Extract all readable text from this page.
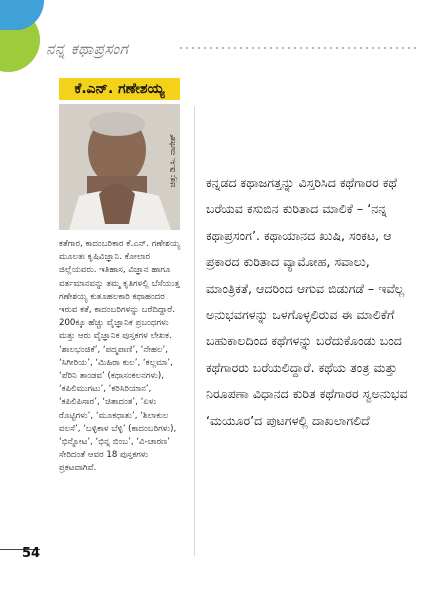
ನನ್ನ ಕಥಾಪ್ರಸಂಗ
ಕೆ.ಎನ್. ಗಣೇಶಯ್ಯ
ಚಿತ್ರ: ಡಿ.ಸಿ. ನಾಗೇಶ್

ಕತೆಗಾರ, ಕಾದಂಬರಿಕಾರ ಕೆ.ಎನ್. ಗಣೇಶಯ್ಯ ಮೂಲತಃ ಕೃಷಿವಿಜ್ಞಾನಿ. ಕೋಲಾರ ಜಿಲ್ಲೆಯವರು. ಇತಿಹಾಸ, ವಿಜ್ಞಾನ ಹಾಗೂ ವರ್ತಮಾನವನ್ನು ತಮ್ಮ ಕೃತಿಗಳಲ್ಲಿ ಬೆಸೆಯುತ್ತ ಗಣೇಶಯ್ಯ ಕುತೂಹಲಕಾರಿ ಕಥಾಹಂದರ ಇರುವ ಕತೆ, ಕಾದಂಬರಿಗಳನ್ನು ಬರೆದಿದ್ದಾರೆ. 200ಕ್ಕೂ ಹೆಚ್ಚು ವೈಜ್ಞಾನಿಕ ಪ್ರಬಂಧಗಳು ಮತ್ತು ಆರು ವೈಜ್ಞಾನಿಕ ಪುಸ್ತಕಗಳ ಲೇಖಕ. ‘ಶಾಲಭಂಜಿಕೆ’, ‘ಪದ್ಮಪಾಣಿ’, ‘ನೇಹಲ’, ‘ಸಿಗೀರಿಯ’, ‘ಮಿಹಿರಾ ಕುಲ’, ‘ಕಲ್ಲಮಾ’, ‘ಪೆರಿನಿ ತಾಂಡವ’ (ಕಥಾಸಂಕಲನಗಳು), ‘ಕಪಿಲಿಮುಗಟು’, ‘ಕರಿಸಿರಿಯಾನ’, ‘ಕಪಿಲಿಪಿಸಾರ’, ‘ಚಿತಾದಂತ’, ‘ಏಳು ರೊಟ್ಟಿಗಳು’, ‘ಮೂಕಧಾತು’, ‘ಶಿಲಾಕುಲ ವಲಸೆ’, ‘ಬಳ್ಳಿಕಾಳ ಬೆಳ್ಳಿ’ (ಕಾದಂಬರಿಗಳು), ‘ಭಿನ್ನೋಟ’, ‘ಭಿನ್ನ ಬಿಂಬ’, ‘ವಿ-ಚಾರಣ’ ಸೇರಿದಂತೆ ಆವರ 18 ಪುಸ್ತಕಗಳು ಪ್ರಕಟವಾಗಿವೆ.

ಕನ್ನಡದ ಕಥಾಜಗತ್ತನ್ನು ವಿಸ್ತರಿಸಿದ ಕಥೆಗಾರರ ಕಥೆ ಬರೆಯವ ಕಸುಬಿನ ಕುರಿತಾದ ಮಾಲಿಕೆ – ‘ನನ್ನ ಕಥಾಪ್ರಸಂಗ’. ಕಥಾಯಾನದ ಖುಷಿ, ಸಂಕಟ, ಆ ಪ್ರಕಾರದ ಕುರಿತಾದ ವ್ಯಾಮೋಹ, ಸವಾಲು, ಮಾಂತ್ರಿಕತೆ, ಆದರಿಂದ ಆಗುವ ಬಿಡುಗಡೆ – ಇವೆಲ್ಲ ಅನುಭವಗಳನ್ನು ಒಳಗೊಳ್ಳಲಿರುವ ಈ ಮಾಲಿಕೆಗೆ ಬಹುಕಾಲದಿಂದ ಕಥೆಗಳನ್ನು ಬರೆದುಕೊಂಡು ಬಂದ ಕಥೆಗಾರರು ಬರೆಯಲಿದ್ದಾರೆ. ಕಥೆಯ ತಂತ್ರ ಮತ್ತು ನಿರೂಪಣಾ ವಿಧಾನದ ಕುರಿತ ಕಥೆಗಾರರ ಸ್ವಅನುಭವ ‘ಮಯೂರ’ದ ಪುಟಗಳಲ್ಲಿ ದಾಖಲಾಗಲಿದೆ
54
